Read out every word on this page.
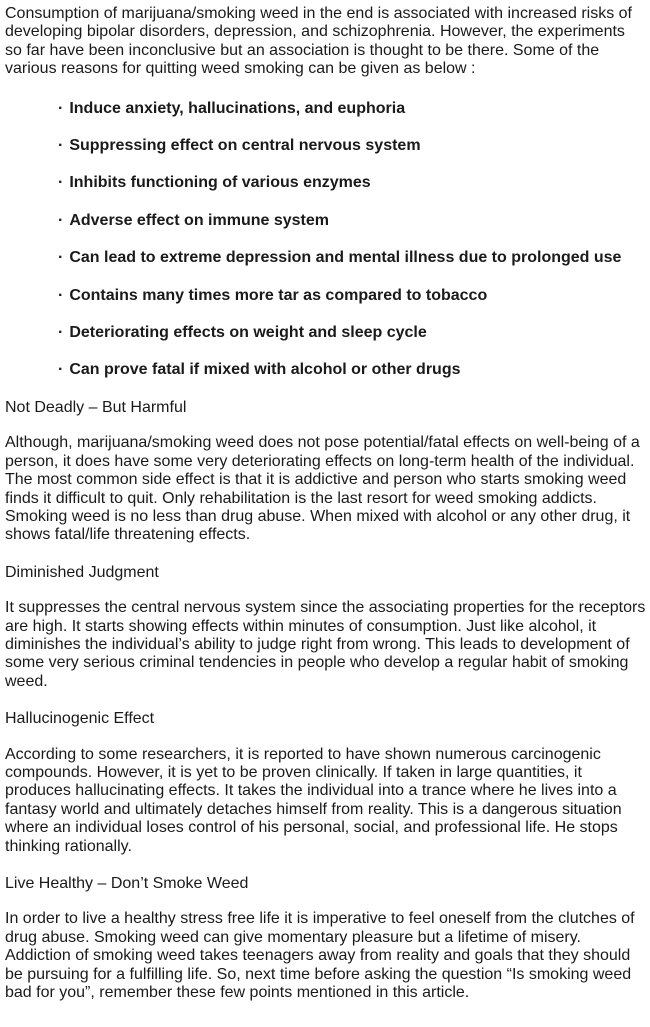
Consumption of marijuana/smoking weed in the end is associated with increased risks of developing bipolar disorders, depression, and schizophrenia. However, the experiments so far have been inconclusive but an association is thought to be there. Some of the various reasons for quitting weed smoking can be given as below :

· Induce anxiety, hallucinations, and euphoria
· Suppressing effect on central nervous system
· Inhibits functioning of various enzymes
· Adverse effect on immune system
· Can lead to extreme depression and mental illness due to prolonged use
· Contains many times more tar as compared to tobacco
· Deteriorating effects on weight and sleep cycle
· Can prove fatal if mixed with alcohol or other drugs
Not Deadly – But Harmful

Although, marijuana/smoking weed does not pose potential/fatal effects on well-being of a person, it does have some very deteriorating effects on long-term health of the individual. The most common side effect is that it is addictive and person who starts smoking weed finds it difficult to quit. Only rehabilitation is the last resort for weed smoking addicts. Smoking weed is no less than drug abuse. When mixed with alcohol or any other drug, it shows fatal/life threatening effects.

Diminished Judgment

It suppresses the central nervous system since the associating properties for the receptors are high. It starts showing effects within minutes of consumption. Just like alcohol, it diminishes the individual’s ability to judge right from wrong. This leads to development of some very serious criminal tendencies in people who develop a regular habit of smoking weed.

Hallucinogenic Effect

According to some researchers, it is reported to have shown numerous carcinogenic compounds. However, it is yet to be proven clinically. If taken in large quantities, it produces hallucinating effects. It takes the individual into a trance where he lives into a fantasy world and ultimately detaches himself from reality. This is a dangerous situation where an individual loses control of his personal, social, and professional life. He stops thinking rationally.

Live Healthy – Don’t Smoke Weed

In order to live a healthy stress free life it is imperative to feel oneself from the clutches of drug abuse. Smoking weed can give momentary pleasure but a lifetime of misery. Addiction of smoking weed takes teenagers away from reality and goals that they should be pursuing for a fulfilling life. So, next time before asking the question “Is smoking weed bad for you”, remember these few points mentioned in this article.
